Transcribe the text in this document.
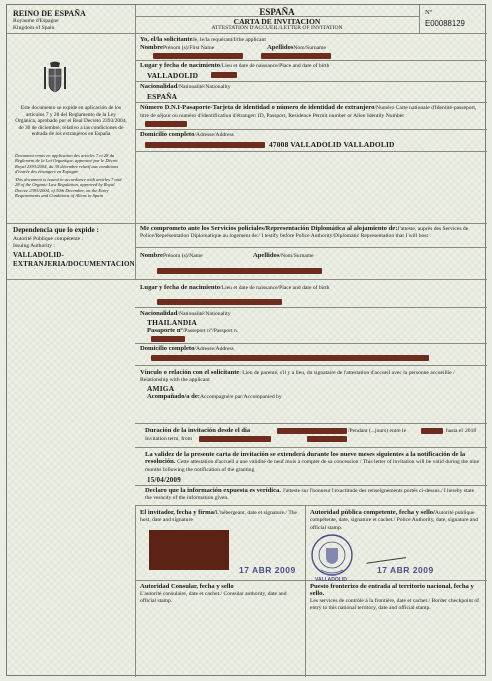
REINO DE ESPAÑA
Royaume d'Espagne
Kingdom of Spain
ESPAÑA
CARTA DE INVITACION
ATTESTATION D'ACCUEIL/LETTER OF INVITATION
Nº
E00088129
Este documento se expide en aplicación de los artículos 7 y 28 del Reglamento de la Ley Orgánica, aprobado por el Real Decreto 2393/2004, de 30 de diciembre, relativo a las condiciones de entrada de los extranjeros en España
Document remis en application des articles 7 et 28 du Règlement de la Loi Organique, approuvé par le Décret Royal 2393/2004, du 30 décembre relatif aux conditions d'entrée des étrangers en Espagne
This document is issued in accordance with articles 7 and 28 of the Organic Law Regulation, approved by Royal Decree 2393/2004, of 30th December, on the Entry Requirements and Conditions of Aliens in Spain
Yo, el/la solicitanteJe, le/la requérant/I/the applicant
NombrePrénom (s)/First Name	ApellidosNom/Surname
Lugar y fecha de nacimiento/Lieu et date de naissance/Place and date of birth
VALLADOLID
Nacionalidad/Nationalité/Nationality
ESPAÑA
Número D.N.I-Pasaporte-Tarjeta de identidad o número de identidad de extranjero/Numéro Carte nationale d'Identité-passeport, titre de séjour ou numéro d'identification d'étranger/ ID, Passport, Residence Permit number or Alien Identity Number
Domicilio completo/Adresse/Address
47008 VALLADOLID VALLADOLID
Dependencia que lo expide :
Autorité Publique compétente :
Issuing Authority :
VALLADOLID-EXTRANJERIA/DOCUMENTACION
Me comprometo ante los Servicios policiales/Representación Diplomática al alojamiento de:J'atteste, auprès des Services de Police/Représentation Diplomatique au logement de:/ I testify before Police Authority/Diplomatic Representation that I will host :
NombrePrénom (s)/Name	Apellidos/Nom/Surname
Lugar y fecha de nacimiento/Lieu et date de naissance/Place and date of birth
Nacionalidad/Nationalité/Nationality
THAILANDIA
Pasaporte nº/Passeport n°/Passport n.
Domicilio completo/Adresse/Address
Vínculo o relación con el solicitante: Lien de parenté, s'il y a lieu, du signataire de l'attestation d'accueil avec la personne accueillie / Relationship with the applicant
AMIGA
Acompañado/a de:Accompagné/e par/Accompanied by
Duración de la invitación desde el día	/Pendant (...jours) entre le	hasta el 2018
Invitation term, from
La validez de la presente carta de invitación se extenderá durante los nueve meses siguientes a la notificación de la resolución. Cette attestation d'accueil a une validité de neuf mois à compter de sa concession / This letter of invitation will be valid during the nine months following the notification of the granting
15/04/2009
Declaro que la información expuesta es verídica. J'atteste sur l'honneur l'exactitude des renseignements portés ci-dessus./ I hereby state the veracity of the information given.
El invitador, fecha y firma/L'hébergeant, date et signature./ The host, date and signature
17 ABR 2009
Autoridad pública competente, fecha y sello/Autorité publique compétente, date, signature et cachet./ Police Authority, date, signature and official stamp.
VALLADOLID
17 ABR 2009
Autoridad Consular, fecha y sello
L'autorité consulaire, date et cachet./ Consular authority, date and official stamp.
Puesto fronterizo de entrada al territorio nacional, fecha y sello.
Les services de contrôle à la frontière, date et cachet./ Border checkpoint of entry to this national territory, date and official stamp.
